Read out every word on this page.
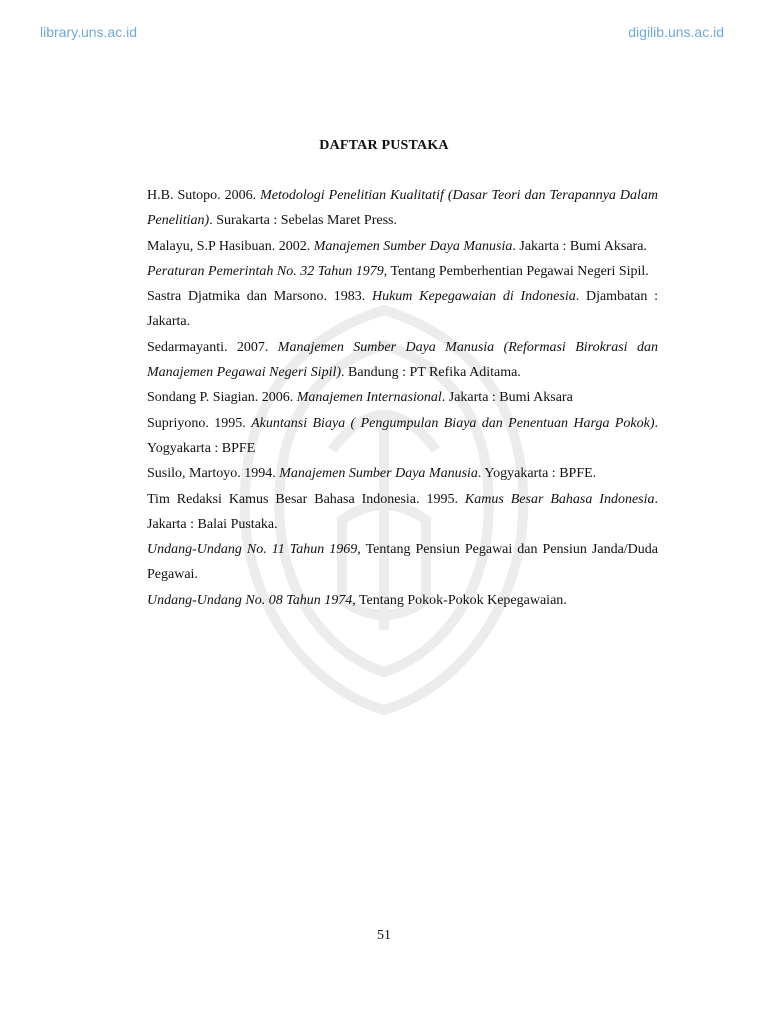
library.uns.ac.id	digilib.uns.ac.id
DAFTAR PUSTAKA

H.B. Sutopo. 2006. Metodologi Penelitian Kualitatif (Dasar Teori dan Terapannya Dalam Penelitian). Surakarta : Sebelas Maret Press.

Malayu, S.P Hasibuan. 2002. Manajemen Sumber Daya Manusia. Jakarta : Bumi Aksara.

Peraturan Pemerintah No. 32 Tahun 1979, Tentang Pemberhentian Pegawai Negeri Sipil.

Sastra Djatmika dan Marsono. 1983. Hukum Kepegawaian di Indonesia. Djambatan : Jakarta.

Sedarmayanti. 2007. Manajemen Sumber Daya Manusia (Reformasi Birokrasi dan Manajemen Pegawai Negeri Sipil). Bandung : PT Refika Aditama.

Sondang P. Siagian. 2006. Manajemen Internasional. Jakarta : Bumi Aksara

Supriyono. 1995. Akuntansi Biaya ( Pengumpulan Biaya dan Penentuan Harga Pokok). Yogyakarta : BPFE

Susilo, Martoyo. 1994. Manajemen Sumber Daya Manusia. Yogyakarta : BPFE.

Tim Redaksi Kamus Besar Bahasa Indonesia. 1995. Kamus Besar Bahasa Indonesia. Jakarta : Balai Pustaka.

Undang-Undang No. 11 Tahun 1969, Tentang Pensiun Pegawai dan Pensiun Janda/Duda Pegawai.

Undang-Undang No. 08 Tahun 1974, Tentang Pokok-Pokok Kepegawaian.

51
